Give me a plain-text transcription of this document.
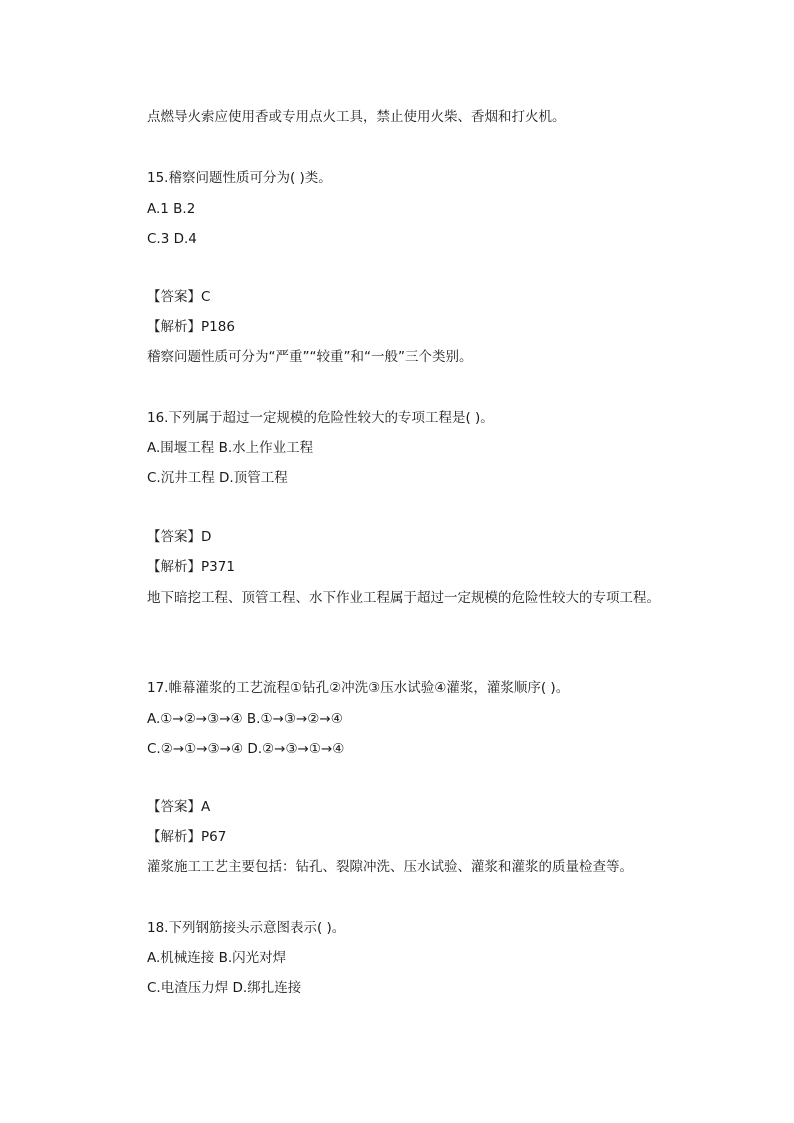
点燃导火索应使用香或专用点火工具，禁止使用火柴、香烟和打火机。
15.稽察问题性质可分为( )类。
A.1 B.2
C.3 D.4
【答案】C
【解析】P186
稽察问题性质可分为“严重”“较重”和“一般”三个类别。
16.下列属于超过一定规模的危险性较大的专项工程是( )。
A.围堰工程 B.水上作业工程
C.沉井工程 D.顶管工程
【答案】D
【解析】P371
地下暗挖工程、顶管工程、水下作业工程属于超过一定规模的危险性较大的专项工程。
17.帷幕灌浆的工艺流程①钻孔②冲洗③压水试验④灌浆，灌浆顺序( )。
A.①→②→③→④ B.①→③→②→④
C.②→①→③→④ D.②→③→①→④
【答案】A
【解析】P67
灌浆施工工艺主要包括：钻孔、裂隙冲洗、压水试验、灌浆和灌浆的质量检查等。
18.下列钢筋接头示意图表示( )。
A.机械连接 B.闪光对焊
C.电渣压力焊 D.绑扎连接
